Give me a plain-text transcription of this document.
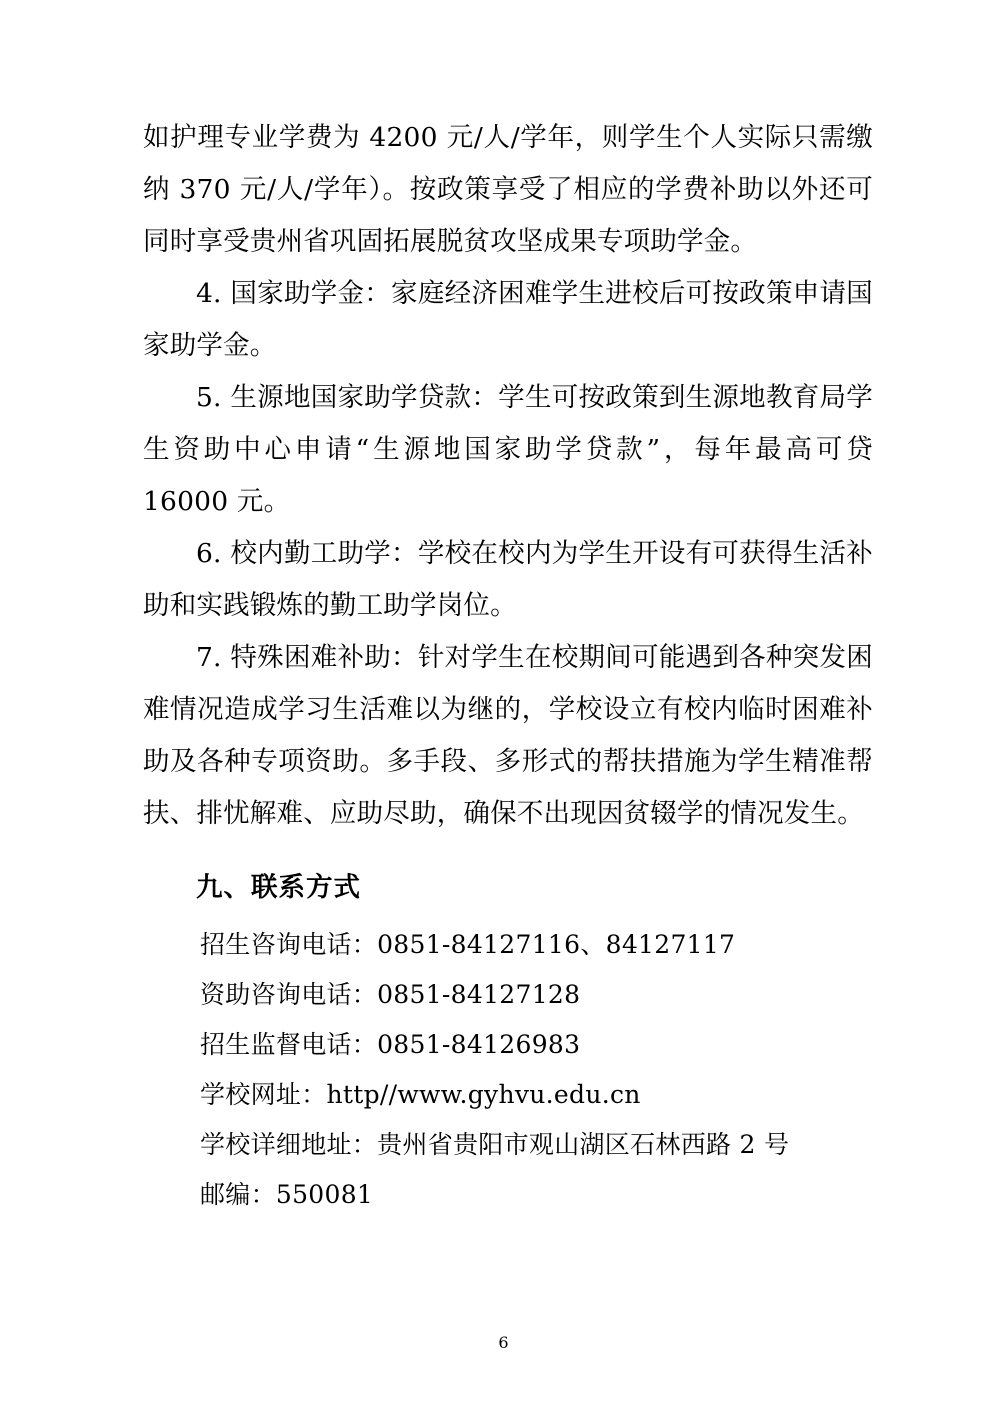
如护理专业学费为 4200 元/人/学年，则学生个人实际只需缴纳 370 元/人/学年）。按政策享受了相应的学费补助以外还可同时享受贵州省巩固拓展脱贫攻坚成果专项助学金。

4. 国家助学金：家庭经济困难学生进校后可按政策申请国家助学金。

5. 生源地国家助学贷款：学生可按政策到生源地教育局学生资助中心申请“生源地国家助学贷款”，每年最高可贷 16000 元。

6. 校内勤工助学：学校在校内为学生开设有可获得生活补助和实践锻炼的勤工助学岗位。

7. 特殊困难补助：针对学生在校期间可能遇到各种突发困难情况造成学习生活难以为继的，学校设立有校内临时困难补助及各种专项资助。多手段、多形式的帮扶措施为学生精准帮扶、排忧解难、应助尽助，确保不出现因贫辍学的情况发生。

九、联系方式

招生咨询电话：0851-84127116、84127117

资助咨询电话：0851-84127128

招生监督电话：0851-84126983

学校网址：http//www.gyhvu.edu.cn

学校详细地址：贵州省贵阳市观山湖区石林西路 2 号

邮编：550081

6
